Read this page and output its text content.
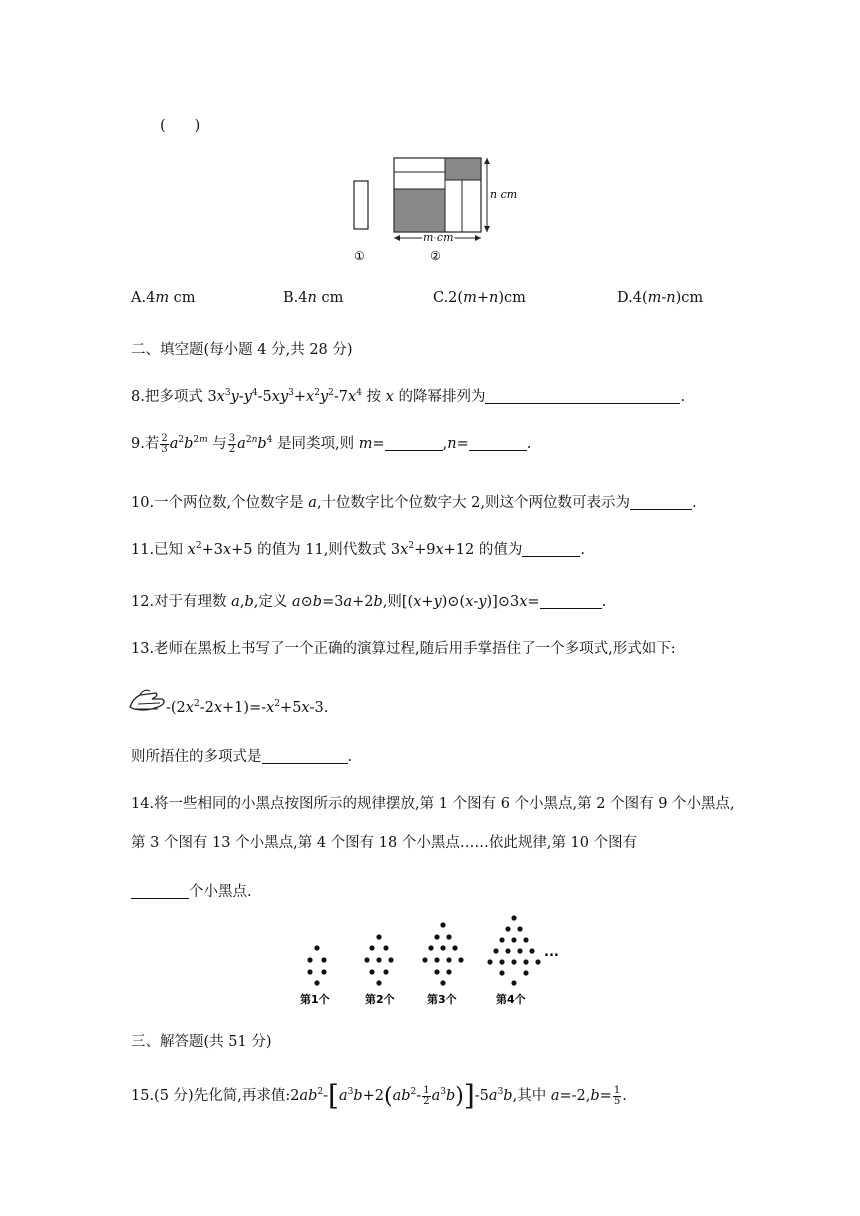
(　　)
n cm
m cm
①	②
A.4m cm	B.4n cm	C.2(m+n)cm	D.4(m-n)cm
二、填空题(每小题 4 分,共 28 分)
8.把多项式 $3x^3y-y^4-5xy^3+x^2y^2-7x^4$ 按 x 的降幂排列为	.
9.若 $\frac{2}{3} a^2b^{2m}$ 与 $\frac{3}{2} a^{2n}b^4$ 是同类项,则 m=	,n=	.
10.一个两位数,个位数字是 a,十位数字比个位数字大 2,则这个两位数可表示为	.
11.已知 $x^2+3x+5$ 的值为 11,则代数式 $3x^2+9x+12$ 的值为	.
12.对于有理数 a,b,定义 a⊙b=3a+2b,则[(x+y)⊙(x-y)]⊙3x=	.
13.老师在黑板上书写了一个正确的演算过程,随后用手掌捂住了一个多项式,形式如下:
$-(2x^2-2x+1)=-x^2+5x-3$.
则所捂住的多项式是	.
14.将一些相同的小黑点按图所示的规律摆放,第 1 个图有 6 个小黑点,第 2 个图有 9 个小黑点,
第 3 个图有 13 个小黑点,第 4 个图有 18 个小黑点……依此规律,第 10 个图有
个小黑点.
...
第1个	第2个	第3个	第4个
三、解答题(共 51 分)
15.(5 分)先化简,再求值$:2ab^2-[a^3b+2(ab^2- \frac{1}{2} a^3b)]-5a^3b$,其中 $a=-2,b= \frac{1}{5}$ .
